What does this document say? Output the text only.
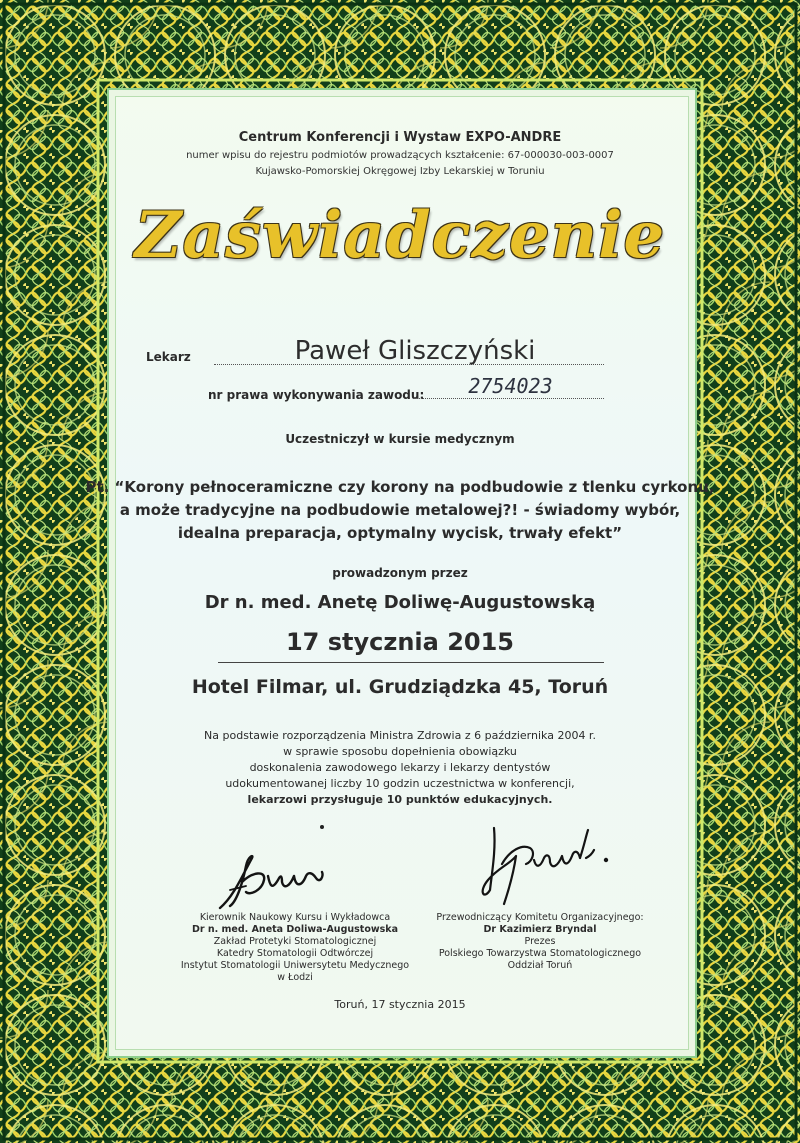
Centrum Konferencji i Wystaw EXPO-ANDRE
numer wpisu do rejestru podmiotów prowadzących kształcenie: 67-000030-003-0007
Kujawsko-Pomorskiej Okręgowej Izby Lekarskiej w Toruniu
Zaświadczenie
Lekarz	Paweł Gliszczyński
nr prawa wykonywania zawodu:	2754023
Uczestniczył w kursie medycznym
Pt. “Korony pełnoceramiczne czy korony na podbudowie z tlenku cyrkonu,
a może tradycyjne na podbudowie metalowej?! - świadomy wybór,
idealna preparacja, optymalny wycisk, trwały efekt”
prowadzonym przez
Dr n. med. Anetę Doliwę-Augustowską
17 stycznia 2015
Hotel Filmar, ul. Grudziądzka 45, Toruń
Na podstawie rozporządzenia Ministra Zdrowia z 6 października 2004 r.
w sprawie sposobu dopełnienia obowiązku
doskonalenia zawodowego lekarzy i lekarzy dentystów
udokumentowanej liczby 10 godzin uczestnictwa w konferencji,
lekarzowi przysługuje 10 punktów edukacyjnych.
Kierownik Naukowy Kursu i Wykładowca
Dr n. med. Aneta Doliwa-Augustowska
Zakład Protetyki Stomatologicznej
Katedry Stomatologii Odtwórczej
Instytut Stomatologii Uniwersytetu Medycznego
w Łodzi
Przewodniczący Komitetu Organizacyjnego:
Dr Kazimierz Bryndal
Prezes
Polskiego Towarzystwa Stomatologicznego
Oddział Toruń
Toruń, 17 stycznia 2015
